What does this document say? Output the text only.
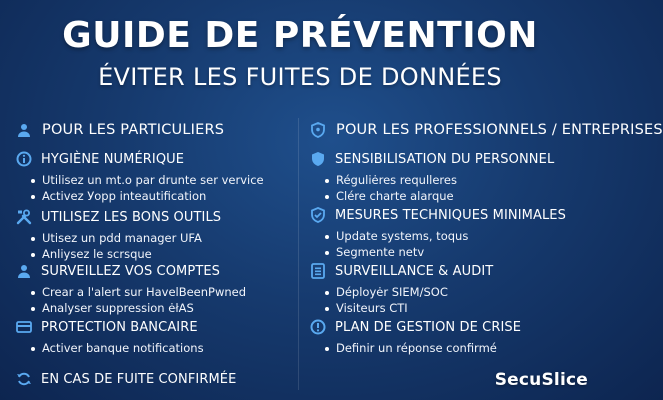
GUIDE DE PRÉVENTION
ÉVITER LES FUITES DE DONNÉES
POUR LES PARTICULIERS
HYGIÈNE NUMÉRIQUE
Utilisez un mt.o par drunte ser vervice
Activez Уopp inteautification
UTILISEZ LES BONS OUTILS
Utisez un pdd manager UFA
Anliysez le scrsque
SURVEILLEZ VOS COMPTES
Crear a l'alert sur HavelBeenPwned
Analyser suppression ėłAS
PROTECTION BANCAIRE
Activer banque notifications
EN CAS DE FUITE CONFIRMÉE
POUR LES PROFESSIONNELS / ENTREPRISES
SENSIBILISATION DU PERSONNEL
Réguliėres requlleres
Clére charte alarque
MESURES TECHNIQUES MINIMALES
Update systems, toqus
Segmente netv
SURVEILLANCE & AUDIT
Déployėr SIEM/SOC
Visiteurs CTI
PLAN DE GESTION DE CRISE
Definir un réponse confirmé
SecuSlice
